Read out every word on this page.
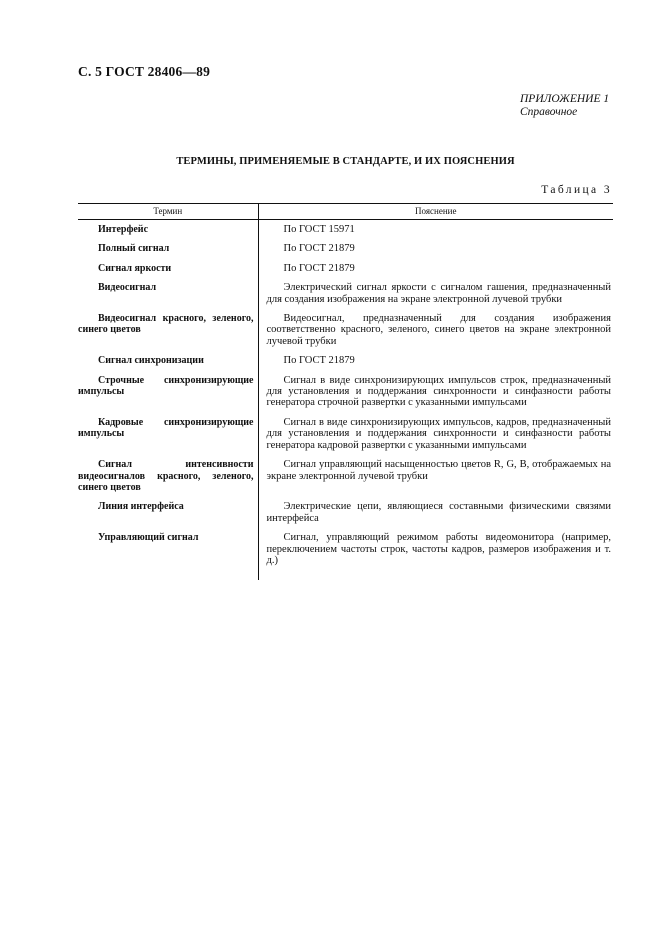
С. 5 ГОСТ 28406—89
ПРИЛОЖЕНИЕ 1
Справочное
ТЕРМИНЫ, ПРИМЕНЯЕМЫЕ В СТАНДАРТЕ, И ИХ ПОЯСНЕНИЯ
Таблица 3
Термин	Пояснение
Интерфейс	По ГОСТ 15971
Полный сигнал	По ГОСТ 21879
Сигнал яркости	По ГОСТ 21879
Видеосигнал	Электрический сигнал яркости с сигналом гашения, предназначенный для создания изображения на экране электронной лучевой трубки
Видеосигнал красного, зеленого, синего цветов	Видеосигнал, предназначенный для создания изображения соответственно красного, зеленого, синего цветов на экране электронной лучевой трубки
Сигнал синхронизации	По ГОСТ 21879
Строчные синхронизирующие импульсы	Сигнал в виде синхронизирующих импульсов строк, предназначенный для установления и поддержания синхронности и синфазности работы генератора строчной развертки с указанными импульсами
Кадровые синхронизирующие импульсы	Сигнал в виде синхронизирующих импульсов, кадров, предназначенный для установления и поддержания синхронности и синфазности работы генератора кадровой развертки с указанными импульсами
Сигнал интенсивности видеосигналов красного, зеленого, синего цветов	Сигнал управляющий насыщенностью цветов R, G, B, отображаемых на экране электронной лучевой трубки
Линия интерфейса	Электрические цепи, являющиеся составными физическими связями интерфейса
Управляющий сигнал	Сигнал, управляющий режимом работы видеомонитора (например, переключением частоты строк, частоты кадров, размеров изображения и т. д.)
